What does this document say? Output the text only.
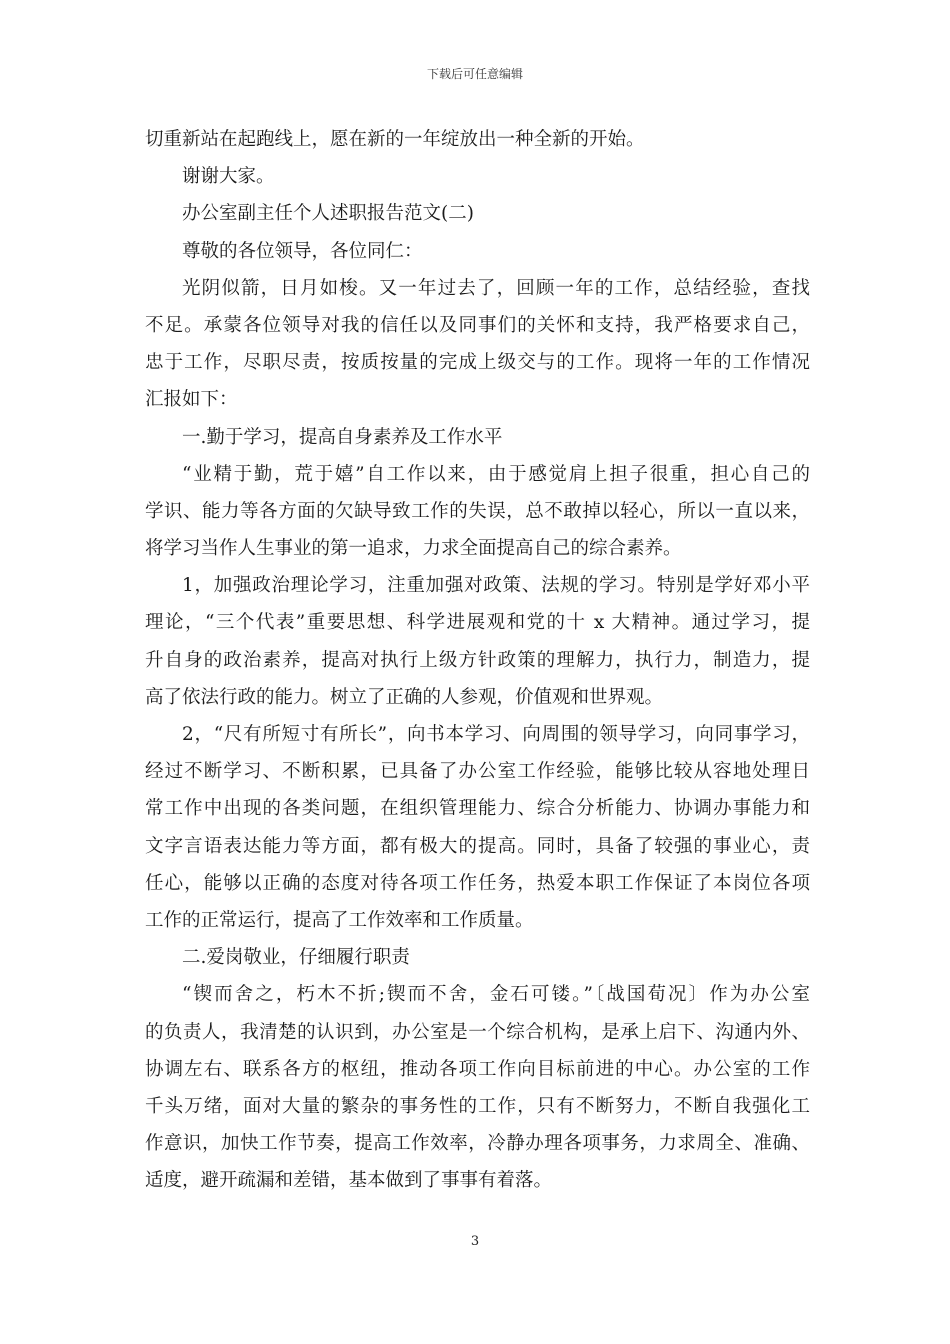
下载后可任意编辑
切重新站在起跑线上，愿在新的一年绽放出一种全新的开始。
谢谢大家。
办公室副主任个人述职报告范文(二)
尊敬的各位领导，各位同仁：
光阴似箭，日月如梭。又一年过去了，回顾一年的工作，总结经验，查找
不足。承蒙各位领导对我的信任以及同事们的关怀和支持，我严格要求自己，
忠于工作，尽职尽责，按质按量的完成上级交与的工作。现将一年的工作情况
汇报如下：
一.勤于学习，提高自身素养及工作水平
“业精于勤，荒于嬉”自工作以来，由于感觉肩上担子很重，担心自己的
学识、能力等各方面的欠缺导致工作的失误，总不敢掉以轻心，所以一直以来，
将学习当作人生事业的第一追求，力求全面提高自己的综合素养。
1，加强政治理论学习，注重加强对政策、法规的学习。特别是学好邓小平
理论，“三个代表”重要思想、科学进展观和党的十 x 大精神。通过学习，提
升自身的政治素养，提高对执行上级方针政策的理解力，执行力，制造力，提
高了依法行政的能力。树立了正确的人参观，价值观和世界观。
2，“尺有所短寸有所长”，向书本学习、向周围的领导学习，向同事学习，
经过不断学习、不断积累，已具备了办公室工作经验，能够比较从容地处理日
常工作中出现的各类问题，在组织管理能力、综合分析能力、协调办事能力和
文字言语表达能力等方面，都有极大的提高。同时，具备了较强的事业心，责
任心，能够以正确的态度对待各项工作任务，热爱本职工作保证了本岗位各项
工作的正常运行，提高了工作效率和工作质量。
二.爱岗敬业，仔细履行职责
“锲而舍之，朽木不折;锲而不舍，金石可镂。”〔战国荀况〕作为办公室
的负责人，我清楚的认识到，办公室是一个综合机构，是承上启下、沟通内外、
协调左右、联系各方的枢纽，推动各项工作向目标前进的中心。办公室的工作
千头万绪，面对大量的繁杂的事务性的工作，只有不断努力，不断自我强化工
作意识，加快工作节奏，提高工作效率，冷静办理各项事务，力求周全、准确、
适度，避开疏漏和差错，基本做到了事事有着落。
3
